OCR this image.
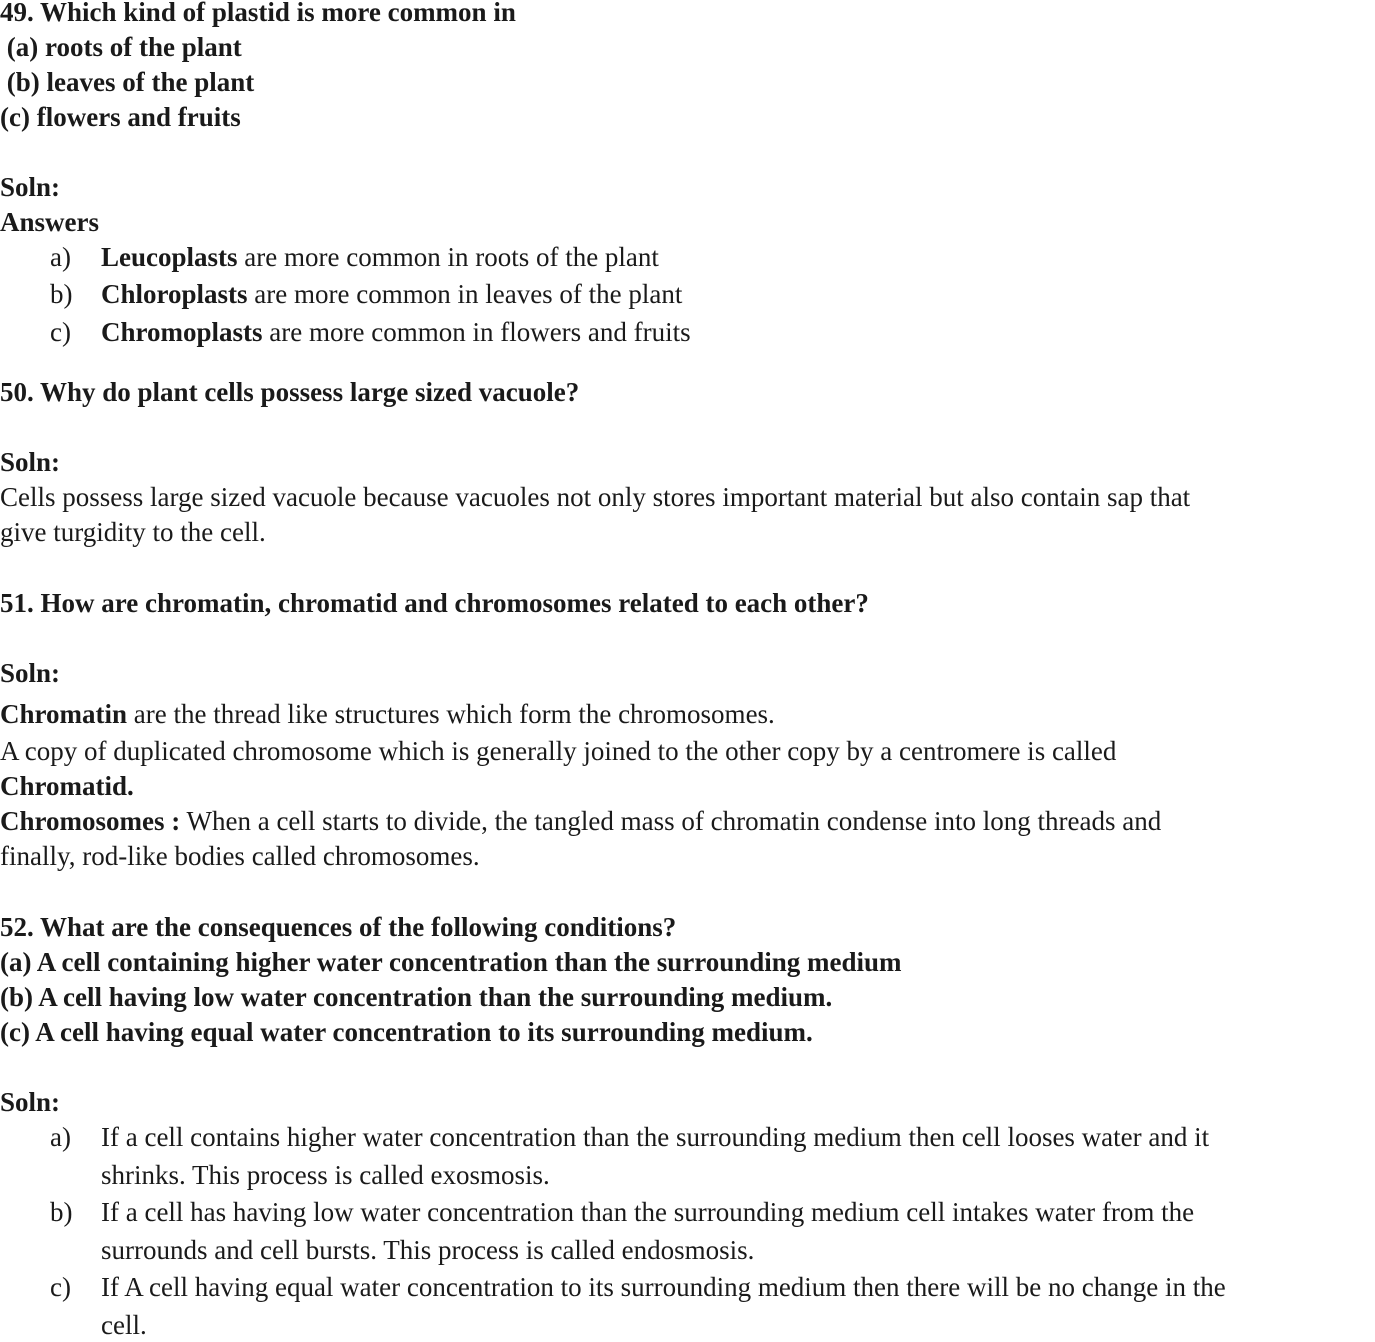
49. Which kind of plastid is more common in
(a) roots of the plant
(b) leaves of the plant
(c) flowers and fruits
Soln:
Answers
a) Leucoplasts are more common in roots of the plant
b) Chloroplasts are more common in leaves of the plant
c) Chromoplasts are more common in flowers and fruits
50. Why do plant cells possess large sized vacuole?
Soln:
Cells possess large sized vacuole because vacuoles not only stores important material but also contain sap that
give turgidity to the cell.
51. How are chromatin, chromatid and chromosomes related to each other?
Soln:
Chromatin are the thread like structures which form the chromosomes.
A copy of duplicated chromosome which is generally joined to the other copy by a centromere is called
Chromatid.
Chromosomes : When a cell starts to divide, the tangled mass of chromatin condense into long threads and
finally, rod-like bodies called chromosomes.
52. What are the consequences of the following conditions?
(a) A cell containing higher water concentration than the surrounding medium
(b) A cell having low water concentration than the surrounding medium.
(c) A cell having equal water concentration to its surrounding medium.
Soln:
a) If a cell contains higher water concentration than the surrounding medium then cell looses water and it
shrinks. This process is called exosmosis.
b) If a cell has having low water concentration than the surrounding medium cell intakes water from the
surrounds and cell bursts. This process is called endosmosis.
c) If A cell having equal water concentration to its surrounding medium then there will be no change in the
cell.
